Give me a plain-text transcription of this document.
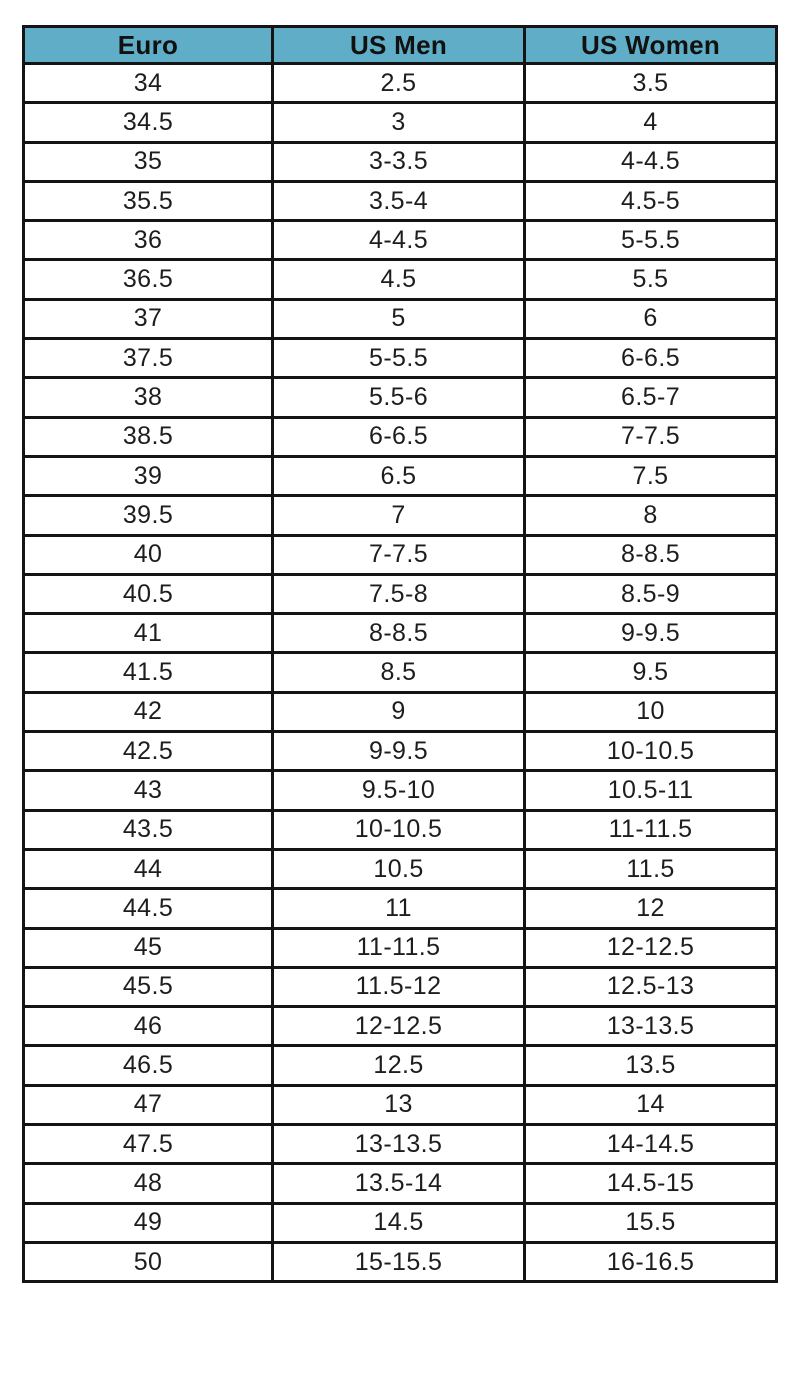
Euro	US Men	US Women
34	2.5	3.5
34.5	3	4
35	3-3.5	4-4.5
35.5	3.5-4	4.5-5
36	4-4.5	5-5.5
36.5	4.5	5.5
37	5	6
37.5	5-5.5	6-6.5
38	5.5-6	6.5-7
38.5	6-6.5	7-7.5
39	6.5	7.5
39.5	7	8
40	7-7.5	8-8.5
40.5	7.5-8	8.5-9
41	8-8.5	9-9.5
41.5	8.5	9.5
42	9	10
42.5	9-9.5	10-10.5
43	9.5-10	10.5-11
43.5	10-10.5	11-11.5
44	10.5	11.5
44.5	11	12
45	11-11.5	12-12.5
45.5	11.5-12	12.5-13
46	12-12.5	13-13.5
46.5	12.5	13.5
47	13	14
47.5	13-13.5	14-14.5
48	13.5-14	14.5-15
49	14.5	15.5
50	15-15.5	16-16.5
